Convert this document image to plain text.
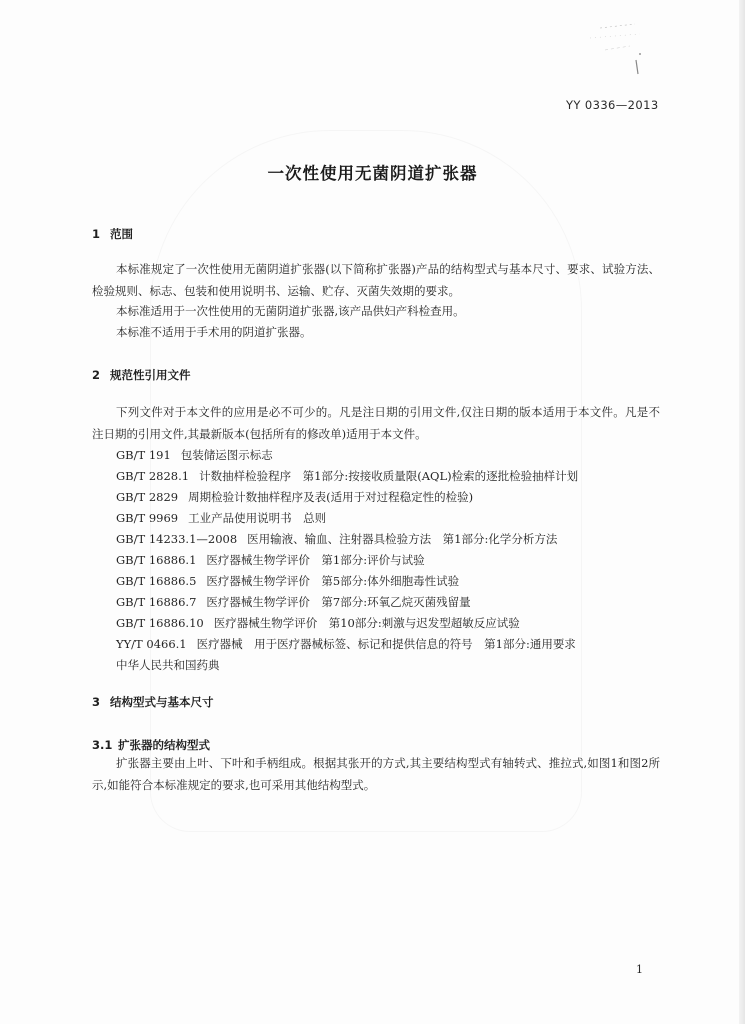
YY 0336—2013
一次性使用无菌阴道扩张器
1 范围
本标准规定了一次性使用无菌阴道扩张器(以下简称扩张器)产品的结构型式与基本尺寸、要求、试验方法、检验规则、标志、包装和使用说明书、运输、贮存、灭菌失效期的要求。
本标准适用于一次性使用的无菌阴道扩张器,该产品供妇产科检查用。
本标准不适用于手术用的阴道扩张器。
2 规范性引用文件
下列文件对于本文件的应用是必不可少的。凡是注日期的引用文件,仅注日期的版本适用于本文件。凡是不注日期的引用文件,其最新版本(包括所有的修改单)适用于本文件。
GB/T 191 包装储运图示标志
GB/T 2828.1 计数抽样检验程序　第1部分:按接收质量限(AQL)检索的逐批检验抽样计划
GB/T 2829 周期检验计数抽样程序及表(适用于对过程稳定性的检验)
GB/T 9969 工业产品使用说明书　总则
GB/T 14233.1—2008 医用输液、输血、注射器具检验方法　第1部分:化学分析方法
GB/T 16886.1 医疗器械生物学评价　第1部分:评价与试验
GB/T 16886.5 医疗器械生物学评价　第5部分:体外细胞毒性试验
GB/T 16886.7 医疗器械生物学评价　第7部分:环氧乙烷灭菌残留量
GB/T 16886.10 医疗器械生物学评价　第10部分:刺激与迟发型超敏反应试验
YY/T 0466.1 医疗器械　用于医疗器械标签、标记和提供信息的符号　第1部分:通用要求
中华人民共和国药典
3 结构型式与基本尺寸
3.1 扩张器的结构型式
扩张器主要由上叶、下叶和手柄组成。根据其张开的方式,其主要结构型式有轴转式、推拉式,如图1和图2所示,如能符合本标准规定的要求,也可采用其他结构型式。
1
